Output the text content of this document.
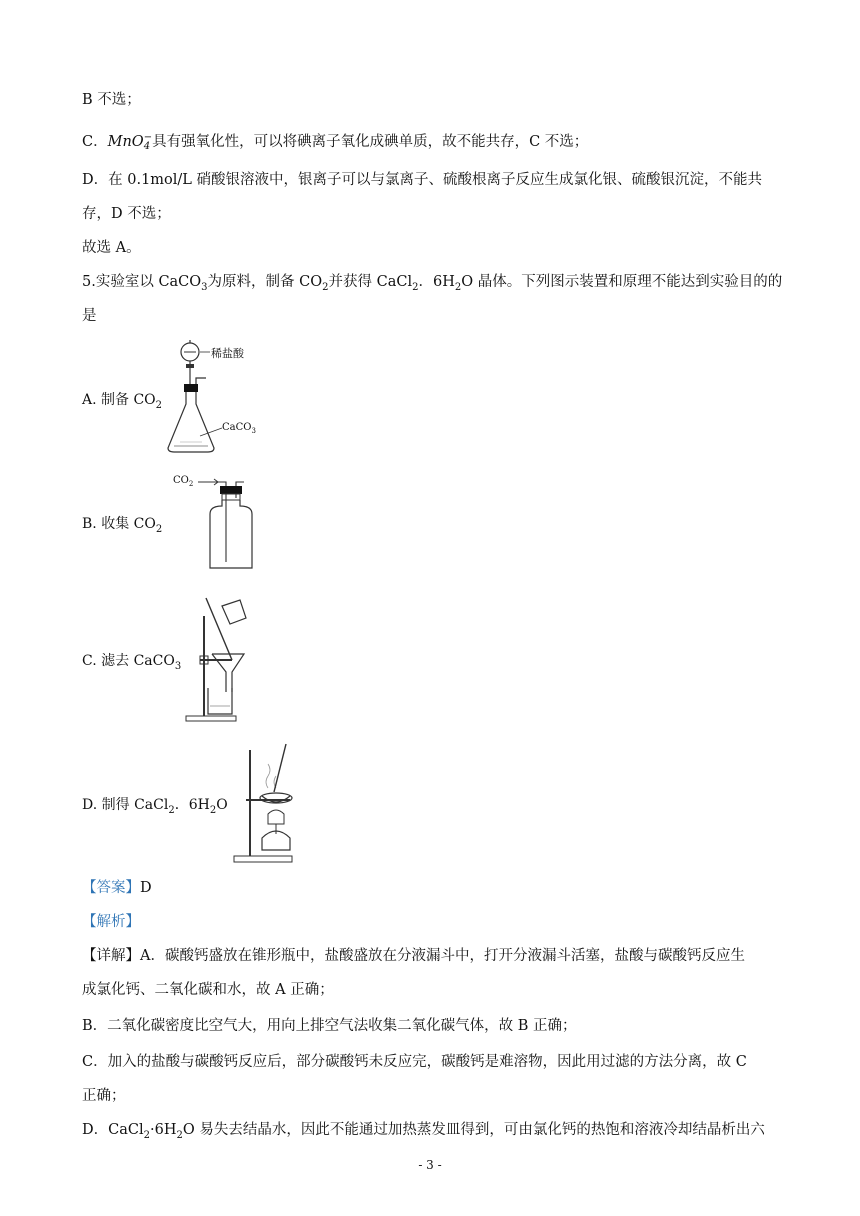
B 不选；
C．MnO −
4 具有强氧化性，可以将碘离子氧化成碘单质，故不能共存，C 不选；
D．在 0.1mol/L 硝酸银溶液中，银离子可以与氯离子、硫酸根离子反应生成氯化银、硫酸银沉淀，不能共
存，D 不选；
故选 A。
5.实验室以 CaCO$_3$为原料，制备 $CO_2$并获得 CaCl$_2$．$6H_2O$ 晶体。下列图示装置和原理不能达到实验目的的
是
A. 制备 $CO_2$
稀盐酸
CaCO$_3$
B. 收集 $CO_2$
$CO_2$
C. 滤去 CaCO$_3$
D. 制得 CaCl$_2$．$6H_2O$
【答案】D
【解析】
【详解】A．碳酸钙盛放在锥形瓶中，盐酸盛放在分液漏斗中，打开分液漏斗活塞，盐酸与碳酸钙反应生
成氯化钙、二氧化碳和水，故 A 正确；
B．二氧化碳密度比空气大，用向上排空气法收集二氧化碳气体，故 B 正确；
C．加入的盐酸与碳酸钙反应后，部分碳酸钙未反应完，碳酸钙是难溶物，因此用过滤的方法分离，故 C
正确；
D．$CaCl_2\cdot 6H_2O$ 易失去结晶水，因此不能通过加热蒸发皿得到，可由氯化钙的热饱和溶液冷却结晶析出六
- 3 -
